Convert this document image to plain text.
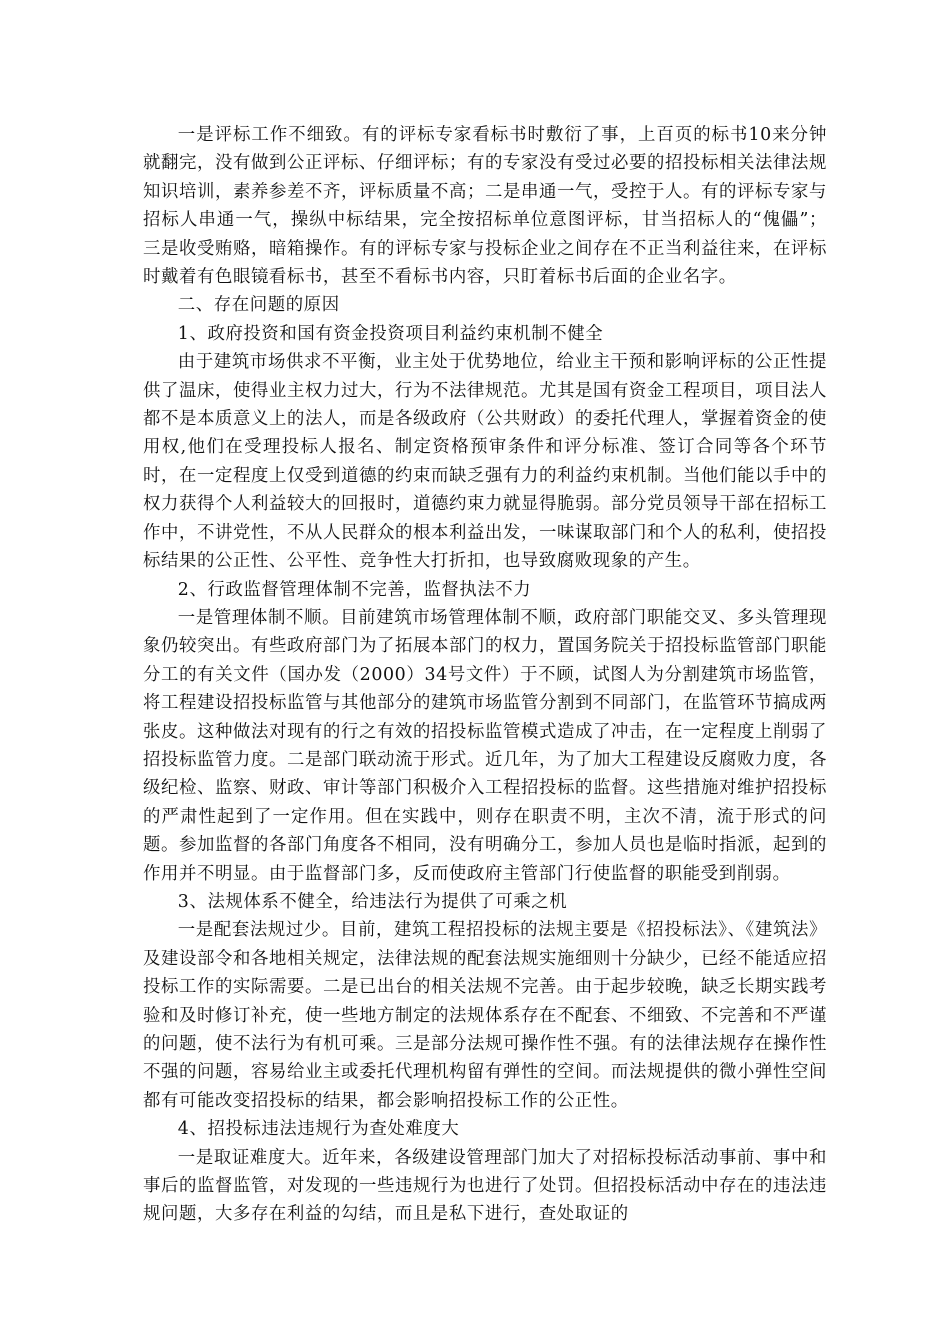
一是评标工作不细致。有的评标专家看标书时敷衍了事，上百页的标书10来分钟就翻完，没有做到公正评标、仔细评标；有的专家没有受过必要的招投标相关法律法规知识培训，素养参差不齐，评标质量不高；二是串通一气，受控于人。有的评标专家与招标人串通一气，操纵中标结果，完全按招标单位意图评标，甘当招标人的“傀儡”；三是收受贿赂，暗箱操作。有的评标专家与投标企业之间存在不正当利益往来，在评标时戴着有色眼镜看标书，甚至不看标书内容，只盯着标书后面的企业名字。

二、存在问题的原因

1、政府投资和国有资金投资项目利益约束机制不健全

由于建筑市场供求不平衡，业主处于优势地位，给业主干预和影响评标的公正性提供了温床，使得业主权力过大，行为不法律规范。尤其是国有资金工程项目，项目法人都不是本质意义上的法人，而是各级政府（公共财政）的委托代理人，掌握着资金的使用权,他们在受理投标人报名、制定资格预审条件和评分标准、签订合同等各个环节时，在一定程度上仅受到道德的约束而缺乏强有力的利益约束机制。当他们能以手中的权力获得个人利益较大的回报时，道德约束力就显得脆弱。部分党员领导干部在招标工作中，不讲党性，不从人民群众的根本利益出发，一味谋取部门和个人的私利，使招投标结果的公正性、公平性、竞争性大打折扣，也导致腐败现象的产生。

2、行政监督管理体制不完善，监督执法不力

一是管理体制不顺。目前建筑市场管理体制不顺，政府部门职能交叉、多头管理现象仍较突出。有些政府部门为了拓展本部门的权力，置国务院关于招投标监管部门职能分工的有关文件（国办发（2000）34号文件）于不顾，试图人为分割建筑市场监管，将工程建设招投标监管与其他部分的建筑市场监管分割到不同部门，在监管环节搞成两张皮。这种做法对现有的行之有效的招投标监管模式造成了冲击，在一定程度上削弱了招投标监管力度。二是部门联动流于形式。近几年，为了加大工程建设反腐败力度，各级纪检、监察、财政、审计等部门积极介入工程招投标的监督。这些措施对维护招投标的严肃性起到了一定作用。但在实践中，则存在职责不明，主次不清，流于形式的问题。参加监督的各部门角度各不相同，没有明确分工，参加人员也是临时指派，起到的作用并不明显。由于监督部门多，反而使政府主管部门行使监督的职能受到削弱。

3、法规体系不健全，给违法行为提供了可乘之机

一是配套法规过少。目前，建筑工程招投标的法规主要是《招投标法》、《建筑法》及建设部令和各地相关规定，法律法规的配套法规实施细则十分缺少，已经不能适应招投标工作的实际需要。二是已出台的相关法规不完善。由于起步较晚，缺乏长期实践考验和及时修订补充，使一些地方制定的法规体系存在不配套、不细致、不完善和不严谨的问题，使不法行为有机可乘。三是部分法规可操作性不强。有的法律法规存在操作性不强的问题，容易给业主或委托代理机构留有弹性的空间。而法规提供的微小弹性空间都有可能改变招投标的结果，都会影响招投标工作的公正性。

4、招投标违法违规行为查处难度大

一是取证难度大。近年来，各级建设管理部门加大了对招标投标活动事前、事中和事后的监督监管，对发现的一些违规行为也进行了处罚。但招投标活动中存在的违法违规问题，大多存在利益的勾结，而且是私下进行，查处取证的
